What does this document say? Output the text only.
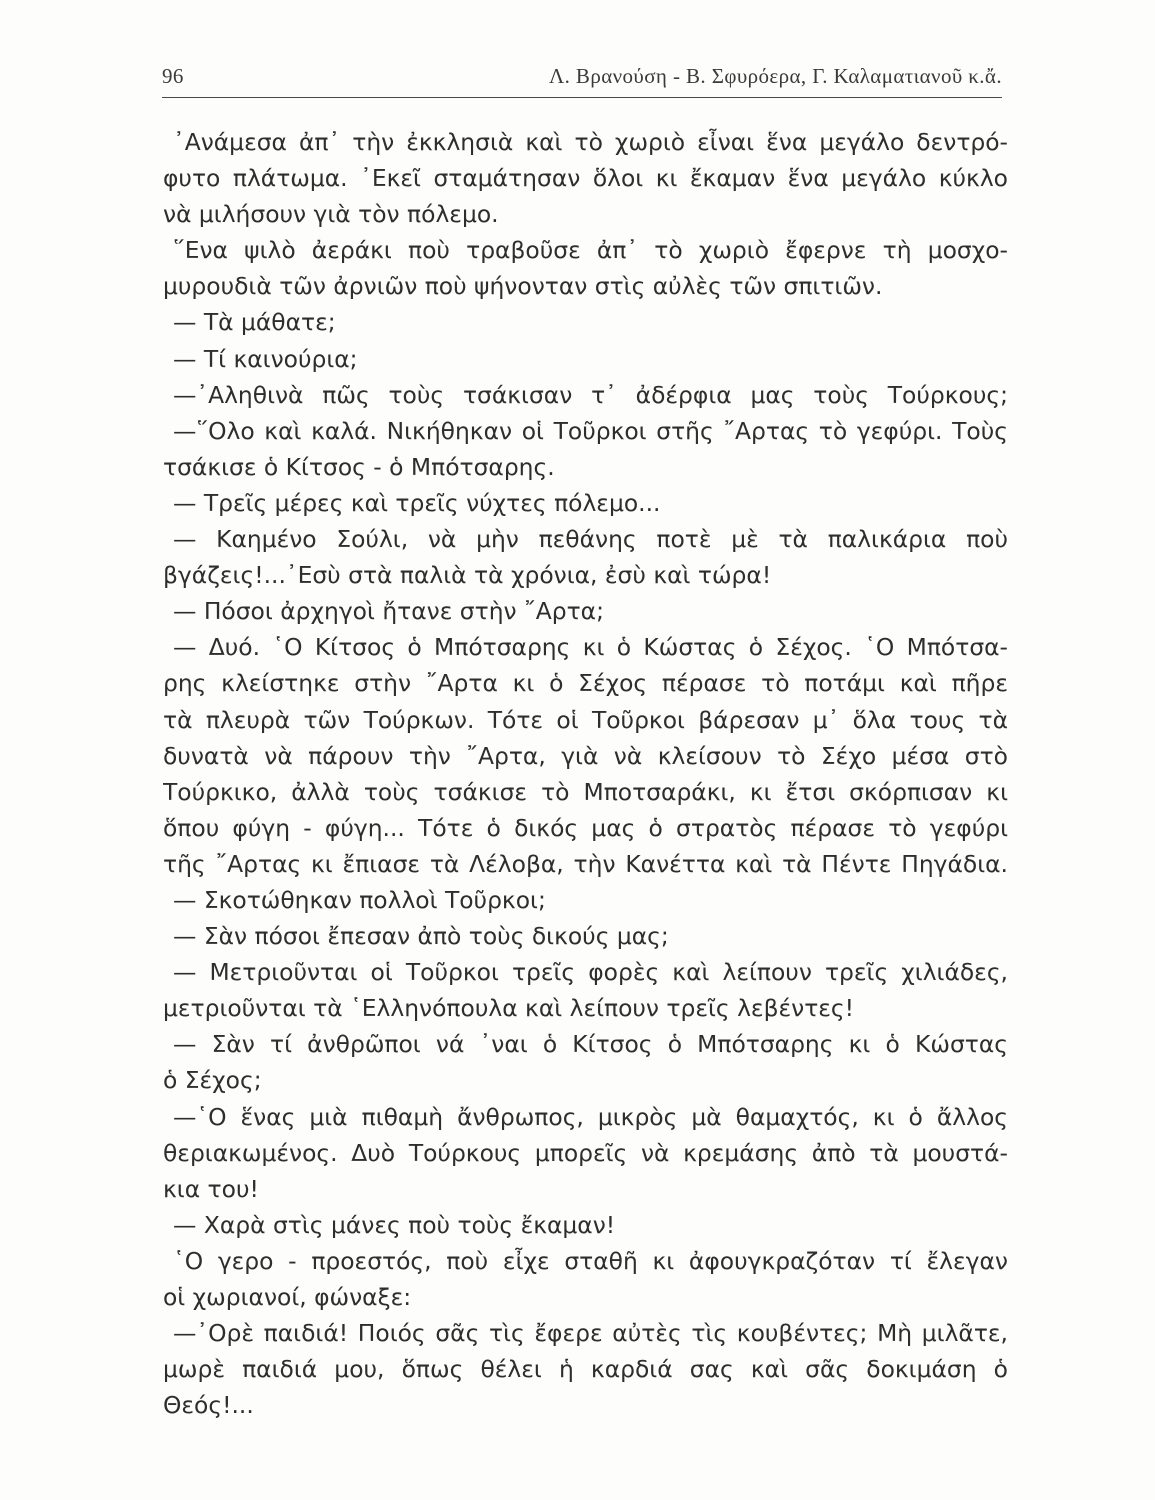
96	Λ. Βρανούση - Β. Σφυρόερα, Γ. Καλαματιανοῦ κ.ἄ.
᾿Ανάμεσα ἀπ᾿ τὴν ἐκκλησιὰ καὶ τὸ χωριὸ εἶναι ἕνα μεγάλο δεντρό-
φυτο πλάτωμα. ᾿Εκεῖ σταμάτησαν ὅλοι κι ἔκαμαν ἕνα μεγάλο κύκλο
νὰ μιλήσουν γιὰ τὸν πόλεμο.
῞Ενα ψιλὸ ἀεράκι ποὺ τραβοῦσε ἀπ᾿ τὸ χωριὸ ἔφερνε τὴ μοσχο-
μυρουδιὰ τῶν ἀρνιῶν ποὺ ψήνονταν στὶς αὐλὲς τῶν σπιτιῶν.
— Τὰ μάθατε;
— Τί καινούρια;
—᾿Αληθινὰ πῶς τοὺς τσάκισαν τ᾿ ἀδέρφια μας τοὺς Τούρκους;
—῞Ολο καὶ καλά. Νικήθηκαν οἱ Τοῦρκοι στῆς ῎Αρτας τὸ γεφύρι. Τοὺς
τσάκισε ὁ Κίτσος - ὁ Μπότσαρης.
— Τρεῖς μέρες καὶ τρεῖς νύχτες πόλεμο...
— Καημένο Σούλι, νὰ μὴν πεθάνης ποτὲ μὲ τὰ παλικάρια ποὺ
βγάζεις!...᾿Εσὺ στὰ παλιὰ τὰ χρόνια, ἐσὺ καὶ τώρα!
— Πόσοι ἀρχηγοὶ ἤτανε στὴν ῎Αρτα;
— Δυό. ῾Ο Κίτσος ὁ Μπότσαρης κι ὁ Κώστας ὁ Σέχος. ῾Ο Μπότσα-
ρης κλείστηκε στὴν ῎Αρτα κι ὁ Σέχος πέρασε τὸ ποτάμι καὶ πῆρε
τὰ πλευρὰ τῶν Τούρκων. Τότε οἱ Τοῦρκοι βάρεσαν μ᾿ ὅλα τους τὰ
δυνατὰ νὰ πάρουν τὴν ῎Αρτα, γιὰ νὰ κλείσουν τὸ Σέχο μέσα στὸ
Τούρκικο, ἀλλὰ τοὺς τσάκισε τὸ Μποτσαράκι, κι ἔτσι σκόρπισαν κι
ὅπου φύγη - φύγη... Τότε ὁ δικός μας ὁ στρατὸς πέρασε τὸ γεφύρι
τῆς ῎Αρτας κι ἔπιασε τὰ Λέλοβα, τὴν Κανέττα καὶ τὰ Πέντε Πηγάδια.
— Σκοτώθηκαν πολλοὶ Τοῦρκοι;
— Σὰν πόσοι ἔπεσαν ἀπὸ τοὺς δικούς μας;
— Μετριοῦνται οἱ Τοῦρκοι τρεῖς φορὲς καὶ λείπουν τρεῖς χιλιάδες,
μετριοῦνται τὰ ῾Ελληνόπουλα καὶ λείπουν τρεῖς λεβέντες!
— Σὰν τί ἀνθρῶποι νά ᾿ναι ὁ Κίτσος ὁ Μπότσαρης κι ὁ Κώστας
ὁ Σέχος;
—῾Ο ἕνας μιὰ πιθαμὴ ἄνθρωπος, μικρὸς μὰ θαμαχτός, κι ὁ ἄλλος
θεριακωμένος. Δυὸ Τούρκους μπορεῖς νὰ κρεμάσης ἀπὸ τὰ μουστά-
κια του!
— Χαρὰ στὶς μάνες ποὺ τοὺς ἔκαμαν!
῾Ο γερο - προεστός, ποὺ εἶχε σταθῆ κι ἀφουγκραζόταν τί ἔλεγαν
οἱ χωριανοί, φώναξε:
—᾿Ορὲ παιδιά! Ποιός σᾶς τὶς ἔφερε αὐτὲς τὶς κουβέντες; Μὴ μιλᾶτε,
μωρὲ παιδιά μου, ὅπως θέλει ἡ καρδιά σας καὶ σᾶς δοκιμάση ὁ
Θεός!...
